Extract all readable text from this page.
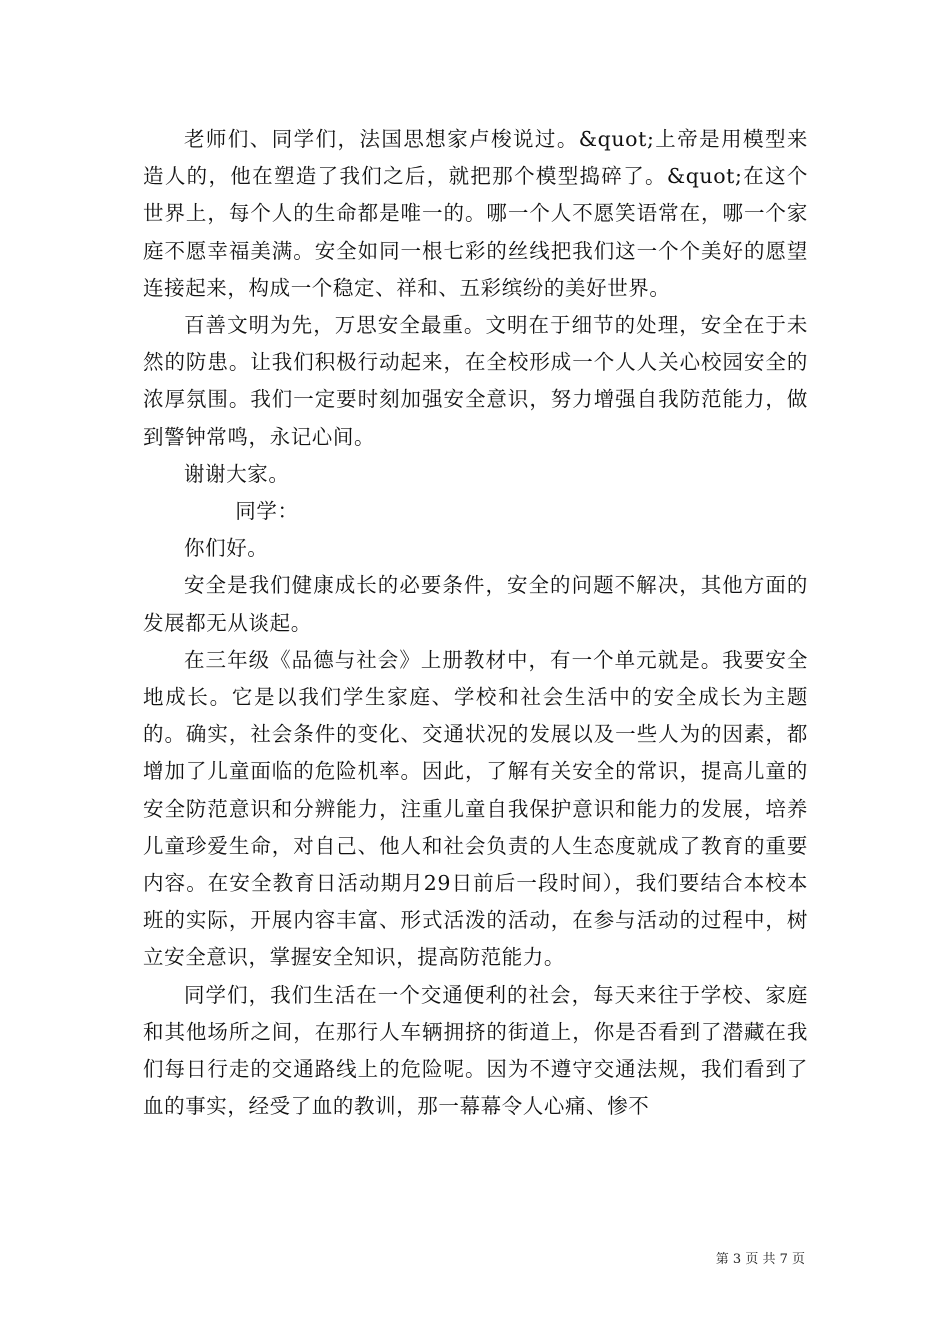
老师们、同学们，法国思想家卢梭说过。&quot;上帝是用模型来造人的，他在塑造了我们之后，就把那个模型捣碎了。&quot;在这个世界上，每个人的生命都是唯一的。哪一个人不愿笑语常在，哪一个家庭不愿幸福美满。安全如同一根七彩的丝线把我们这一个个美好的愿望连接起来，构成一个稳定、祥和、五彩缤纷的美好世界。

百善文明为先，万思安全最重。文明在于细节的处理，安全在于未然的防患。让我们积极行动起来，在全校形成一个人人关心校园安全的浓厚氛围。我们一定要时刻加强安全意识，努力增强自我防范能力，做到警钟常鸣，永记心间。

谢谢大家。

同学：

你们好。

安全是我们健康成长的必要条件，安全的问题不解决，其他方面的发展都无从谈起。

在三年级《品德与社会》上册教材中，有一个单元就是。我要安全地成长。它是以我们学生家庭、学校和社会生活中的安全成长为主题的。确实，社会条件的变化、交通状况的发展以及一些人为的因素，都增加了儿童面临的危险机率。因此，了解有关安全的常识，提高儿童的安全防范意识和分辨能力，注重儿童自我保护意识和能力的发展，培养儿童珍爱生命，对自己、他人和社会负责的人生态度就成了教育的重要内容。在安全教育日活动期月29日前后一段时间），我们要结合本校本班的实际，开展内容丰富、形式活泼的活动，在参与活动的过程中，树立安全意识，掌握安全知识，提高防范能力。

同学们，我们生活在一个交通便利的社会，每天来往于学校、家庭和其他场所之间，在那行人车辆拥挤的街道上，你是否看到了潜藏在我们每日行走的交通路线上的危险呢。因为不遵守交通法规，我们看到了血的事实，经受了血的教训，那一幕幕令人心痛、惨不

第 3 页 共 7 页
